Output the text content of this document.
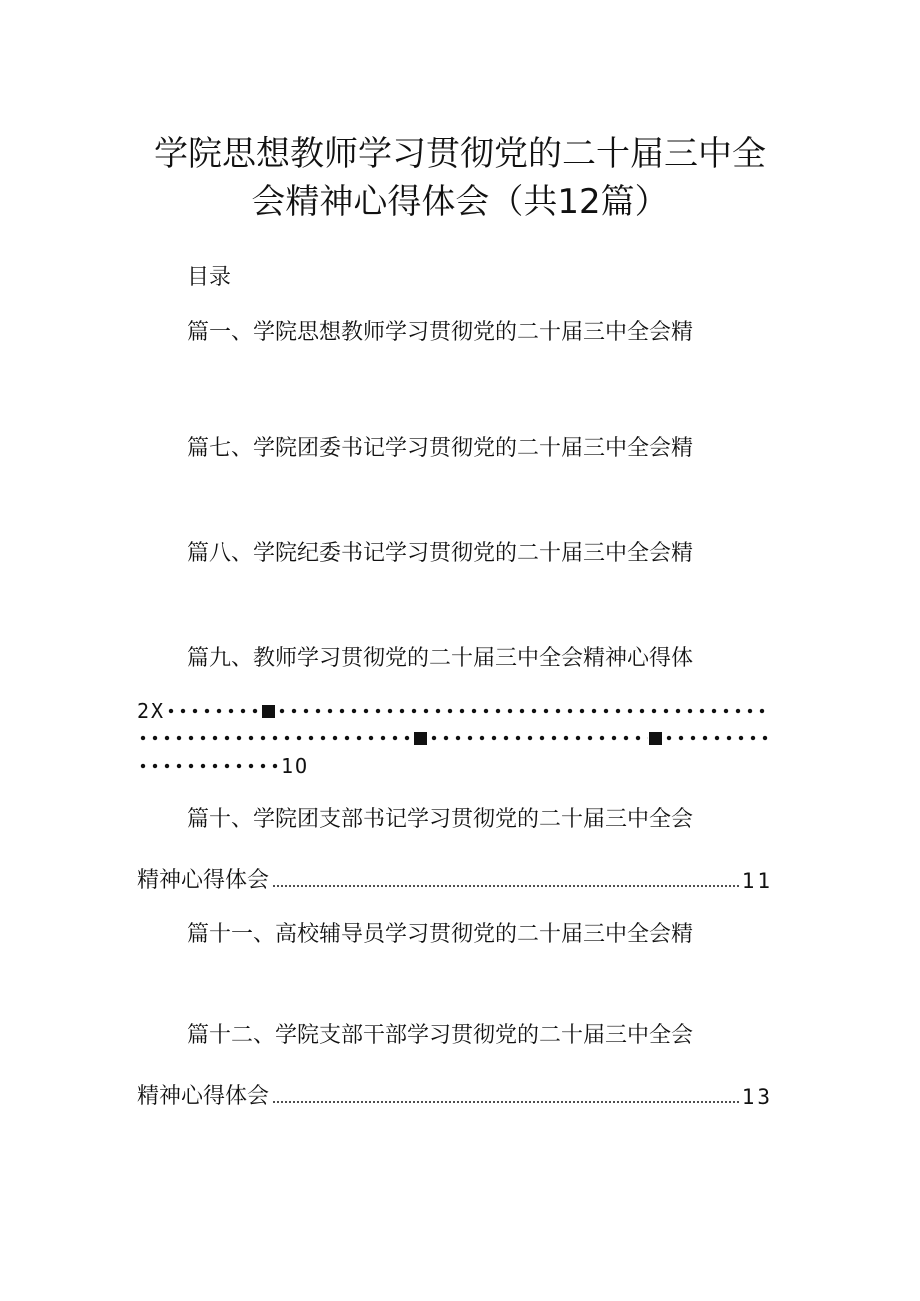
学院思想教师学习贯彻党的二十届三中全
会精神心得体会（共12篇）
目录
篇一、学院思想教师学习贯彻党的二十届三中全会精
篇七、学院团委书记学习贯彻党的二十届三中全会精
篇八、学院纪委书记学习贯彻党的二十届三中全会精
篇九、教师学习贯彻党的二十届三中全会精神心得体
2X
1O
篇十、学院团支部书记学习贯彻党的二十届三中全会
精神心得体会	11
篇十一、高校辅导员学习贯彻党的二十届三中全会精
篇十二、学院支部干部学习贯彻党的二十届三中全会
精神心得体会	13
